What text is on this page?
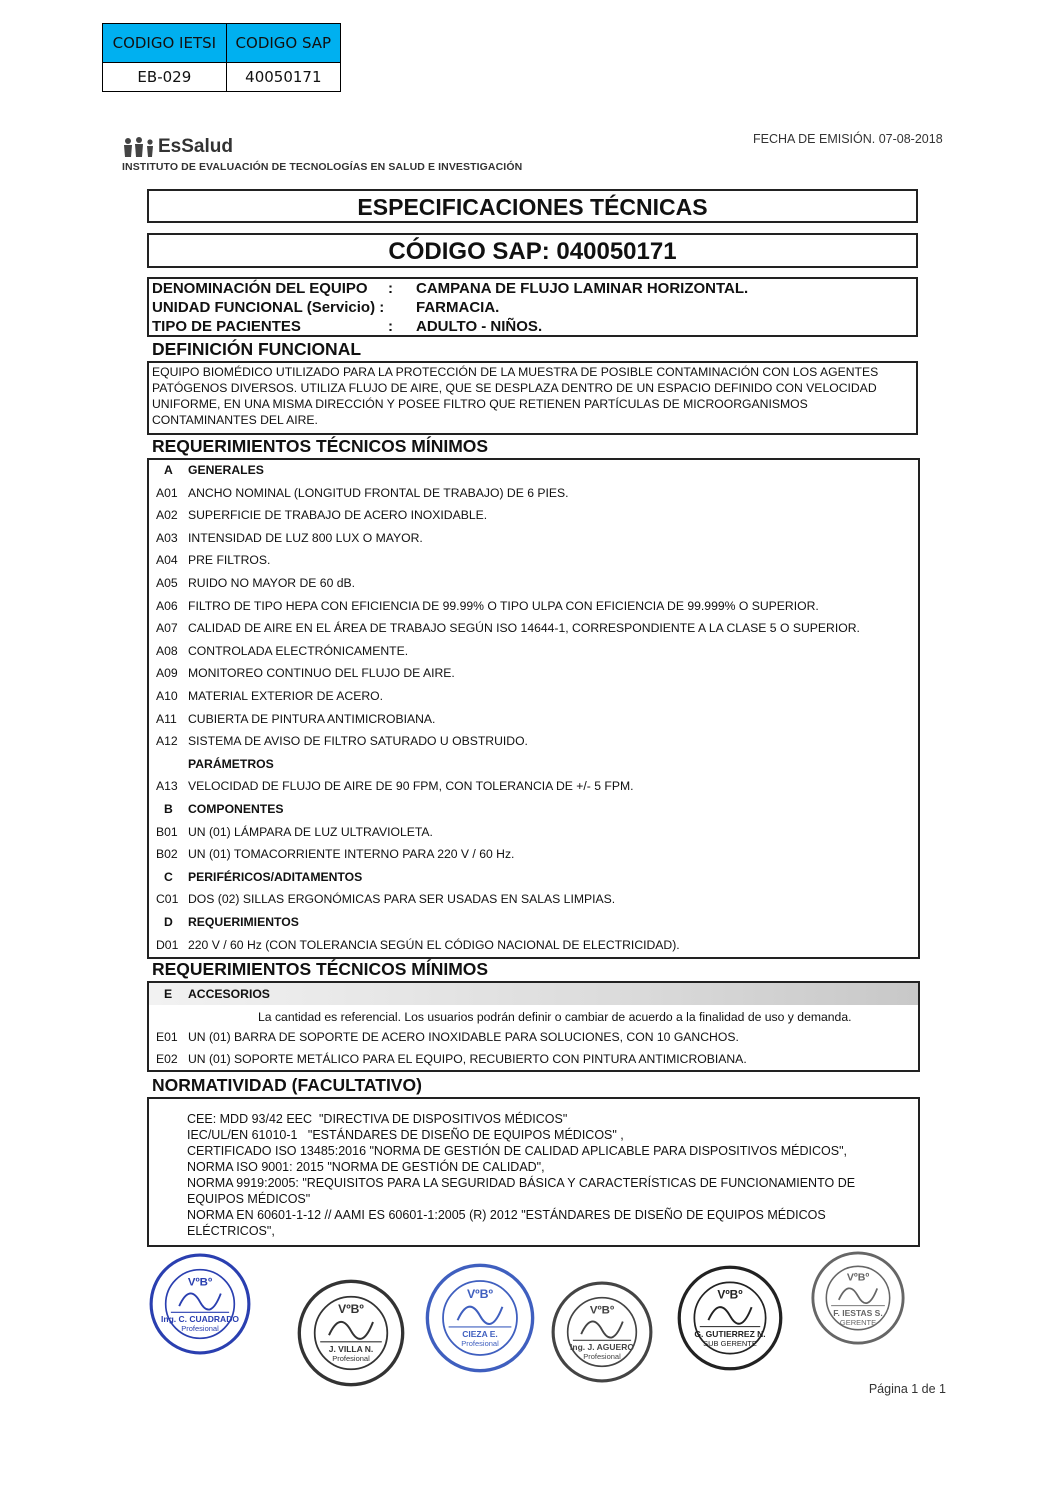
CODIGO IETSI	CODIGO SAP
EB-029	40050171
EsSalud
INSTITUTO DE EVALUACIÓN DE TECNOLOGÍAS EN SALUD E INVESTIGACIÓN
FECHA DE EMISIÓN. 07-08-2018
ESPECIFICACIONES TÉCNICAS
CÓDIGO SAP: 040050171
DENOMINACIÓN DEL EQUIPO	: CAMPANA DE FLUJO LAMINAR HORIZONTAL.
UNIDAD FUNCIONAL (Servicio) :	FARMACIA.
TIPO DE PACIENTES	: ADULTO - NIÑOS.
DEFINICIÓN FUNCIONAL
EQUIPO BIOMÉDICO UTILIZADO PARA LA PROTECCIÓN DE LA MUESTRA DE POSIBLE CONTAMINACIÓN CON LOS AGENTES
PATÓGENOS DIVERSOS. UTILIZA FLUJO DE AIRE, QUE SE DESPLAZA DENTRO DE UN ESPACIO DEFINIDO CON VELOCIDAD
UNIFORME, EN UNA MISMA DIRECCIÓN Y POSEE FILTRO QUE RETIENEN PARTÍCULAS DE MICROORGANISMOS
CONTAMINANTES DEL AIRE.
REQUERIMIENTOS TÉCNICOS MÍNIMOS
A	GENERALES
A01 ANCHO NOMINAL (LONGITUD FRONTAL DE TRABAJO) DE 6 PIES.
A02 SUPERFICIE DE TRABAJO DE ACERO INOXIDABLE.
A03 INTENSIDAD DE LUZ 800 LUX O MAYOR.
A04 PRE FILTROS.
A05 RUIDO NO MAYOR DE 60 dB.
A06 FILTRO DE TIPO HEPA CON EFICIENCIA DE 99.99% O TIPO ULPA CON EFICIENCIA DE 99.999% O SUPERIOR.
A07 CALIDAD DE AIRE EN EL ÁREA DE TRABAJO SEGÚN ISO 14644-1, CORRESPONDIENTE A LA CLASE 5 O SUPERIOR.
A08 CONTROLADA ELECTRÓNICAMENTE.
A09 MONITOREO CONTINUO DEL FLUJO DE AIRE.
A10 MATERIAL EXTERIOR DE ACERO.
A11 CUBIERTA DE PINTURA ANTIMICROBIANA.
A12 SISTEMA DE AVISO DE FILTRO SATURADO U OBSTRUIDO.
PARÁMETROS
A13 VELOCIDAD DE FLUJO DE AIRE DE 90 FPM, CON TOLERANCIA DE +/- 5 FPM.
B	COMPONENTES
B01 UN (01) LÁMPARA DE LUZ ULTRAVIOLETA.
B02 UN (01) TOMACORRIENTE INTERNO PARA 220 V / 60 Hz.
C	PERIFÉRICOS/ADITAMENTOS
C01 DOS (02) SILLAS ERGONÓMICAS PARA SER USADAS EN SALAS LIMPIAS.
D	REQUERIMIENTOS
D01 220 V / 60 Hz (CON TOLERANCIA SEGÚN EL CÓDIGO NACIONAL DE ELECTRICIDAD).
REQUERIMIENTOS TÉCNICOS MÍNIMOS
E	ACCESORIOS
La cantidad es referencial. Los usuarios podrán definir o cambiar de acuerdo a la finalidad de uso y demanda.
E01 UN (01) BARRA DE SOPORTE DE ACERO INOXIDABLE PARA SOLUCIONES, CON 10 GANCHOS.
E02 UN (01) SOPORTE METÁLICO PARA EL EQUIPO, RECUBIERTO CON PINTURA ANTIMICROBIANA.
NORMATIVIDAD (FACULTATIVO)
CEE: MDD 93/42 EEC  "DIRECTIVA DE DISPOSITIVOS MÉDICOS"
IEC/UL/EN 61010-1   "ESTÁNDARES DE DISEÑO DE EQUIPOS MÉDICOS" ,
CERTIFICADO ISO 13485:2016 "NORMA DE GESTIÓN DE CALIDAD APLICABLE PARA DISPOSITIVOS MÉDICOS",
NORMA ISO 9001: 2015 "NORMA DE GESTIÓN DE CALIDAD",
NORMA 9919:2005: "REQUISITOS PARA LA SEGURIDAD BÁSICA Y CARACTERÍSTICAS DE FUNCIONAMIENTO DE
EQUIPOS MÉDICOS"
NORMA EN 60601-1-12 // AAMI ES 60601-1:2005 (R) 2012 "ESTÁNDARES DE DISEÑO DE EQUIPOS MÉDICOS
ELÉCTRICOS",
VºBº
Ing. C. CUADRADO
Profesional
VºBº
J. VILLA N.
Profesional
VºBº
CIEZA E.
Profesional
VºBº
Ing. J. AGUERO
Profesional
VºBº
G. GUTIERREZ N.
SUB GERENTE
VºBº
F. IESTAS S.
GERENTE
Página 1 de 1
